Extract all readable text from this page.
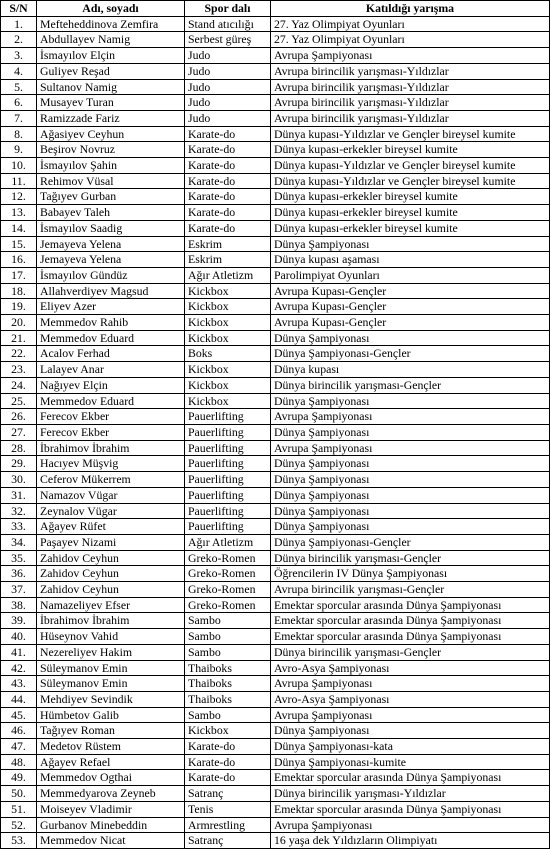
S/N	Adı, soyadı	Spor dalı	Katıldığı yarışma
1.	Mefteheddinova Zemfira	Stand atıcılığı	27. Yaz Olimpiyat Oyunları
2.	Abdullayev Namig	Serbest güreş	27. Yaz Olimpiyat Oyunları
3.	İsmayılov Elçin	Judo	Avrupa Şampiyonası
4.	Guliyev Reşad	Judo	Avrupa birincilik yarışması-Yıldızlar
5.	Sultanov Namig	Judo	Avrupa birincilik yarışması-Yıldızlar
6.	Musayev Turan	Judo	Avrupa birincilik yarışması-Yıldızlar
7.	Ramizzade Fariz	Judo	Avrupa birincilik yarışması-Yıldızlar
8.	Ağasiyev Ceyhun	Karate-do	Dünya kupası-Yıldızlar ve Gençler bireysel kumite
9.	Beşirov Novruz	Karate-do	Dünya kupası-erkekler bireysel kumite
10.	İsmayılov Şahin	Karate-do	Dünya kupası-Yıldızlar ve Gençler bireysel kumite
11.	Rehimov Vüsal	Karate-do	Dünya kupası-Yıldızlar ve Gençler bireysel kumite
12.	Tağıyev Gurban	Karate-do	Dünya kupası-erkekler bireysel kumite
13.	Babayev Taleh	Karate-do	Dünya kupası-erkekler bireysel kumite
14.	İsmayılov Saadig	Karate-do	Dünya kupası-erkekler bireysel kumite
15.	Jemayeva Yelena	Eskrim	Dünya Şampiyonası
16.	Jemayeva Yelena	Eskrim	Dünya kupası aşaması
17.	İsmayılov Gündüz	Ağır Atletizm	Parolimpiyat Oyunları
18.	Allahverdiyev Magsud	Kickbox	Avrupa Kupası-Gençler
19.	Eliyev Azer	Kickbox	Avrupa Kupası-Gençler
20.	Memmedov Rahib	Kickbox	Avrupa Kupası-Gençler
21.	Memmedov Eduard	Kickbox	Dünya Şampiyonası
22.	Acalov Ferhad	Boks	Dünya Şampiyonası-Gençler
23.	Lalayev Anar	Kickbox	Dünya kupası
24.	Nağıyev Elçin	Kickbox	Dünya birincilik yarışması-Gençler
25.	Memmedov Eduard	Kickbox	Dünya Şampiyonası
26.	Ferecov Ekber	Pauerlifting	Avrupa Şampiyonası
27.	Ferecov Ekber	Pauerlifting	Dünya Şampiyonası
28.	İbrahimov İbrahim	Pauerlifting	Avrupa Şampiyonası
29.	Hacıyev Müşvig	Pauerlifting	Dünya Şampiyonası
30.	Ceferov Mükerrem	Pauerlifting	Dünya Şampiyonası
31.	Namazov Vügar	Pauerlifting	Dünya Şampiyonası
32.	Zeynalov Vügar	Pauerlifting	Dünya Şampiyonası
33.	Ağayev Rüfet	Pauerlifting	Dünya Şampiyonası
34.	Paşayev Nizami	Ağır Atletizm	Dünya Şampiyonası-Gençler
35.	Zahidov Ceyhun	Greko-Romen	Dünya birincilik yarışması-Gençler
36.	Zahidov Ceyhun	Greko-Romen	Öğrencilerin IV Dünya Şampiyonası
37.	Zahidov Ceyhun	Greko-Romen	Avrupa birincilik yarışması-Gençler
38.	Namazeliyev Efser	Greko-Romen	Emektar sporcular arasında Dünya Şampiyonası
39.	İbrahimov İbrahim	Sambo	Emektar sporcular arasında Dünya Şampiyonası
40.	Hüseynov Vahid	Sambo	Emektar sporcular arasında Dünya Şampiyonası
41.	Nezereliyev Hakim	Sambo	Dünya birincilik yarışması-Gençler
42.	Süleymanov Emin	Thaiboks	Avro-Asya Şampiyonası
43.	Süleymanov Emin	Thaiboks	Avrupa Şampiyonası
44.	Mehdiyev Sevindik	Thaiboks	Avro-Asya Şampiyonası
45.	Hümbetov Galib	Sambo	Avrupa Şampiyonası
46.	Tağıyev Roman	Kickbox	Dünya Şampiyonası
47.	Medetov Rüstem	Karate-do	Dünya Şampiyonası-kata
48.	Ağayev Refael	Karate-do	Dünya Şampiyonası-kumite
49.	Memmedov Ogthai	Karate-do	Emektar sporcular arasında Dünya Şampiyonası
50.	Memmedyarova Zeyneb	Satranç	Dünya birincilik yarışması-Yıldızlar
51.	Moiseyev Vladimir	Tenis	Emektar sporcular arasında Dünya Şampiyonası
52.	Gurbanov Minebeddin	Armrestling	Avrupa Şampiyonası
53.	Memmedov Nicat	Satranç	16 yaşa dek Yıldızların Olimpiyatı
